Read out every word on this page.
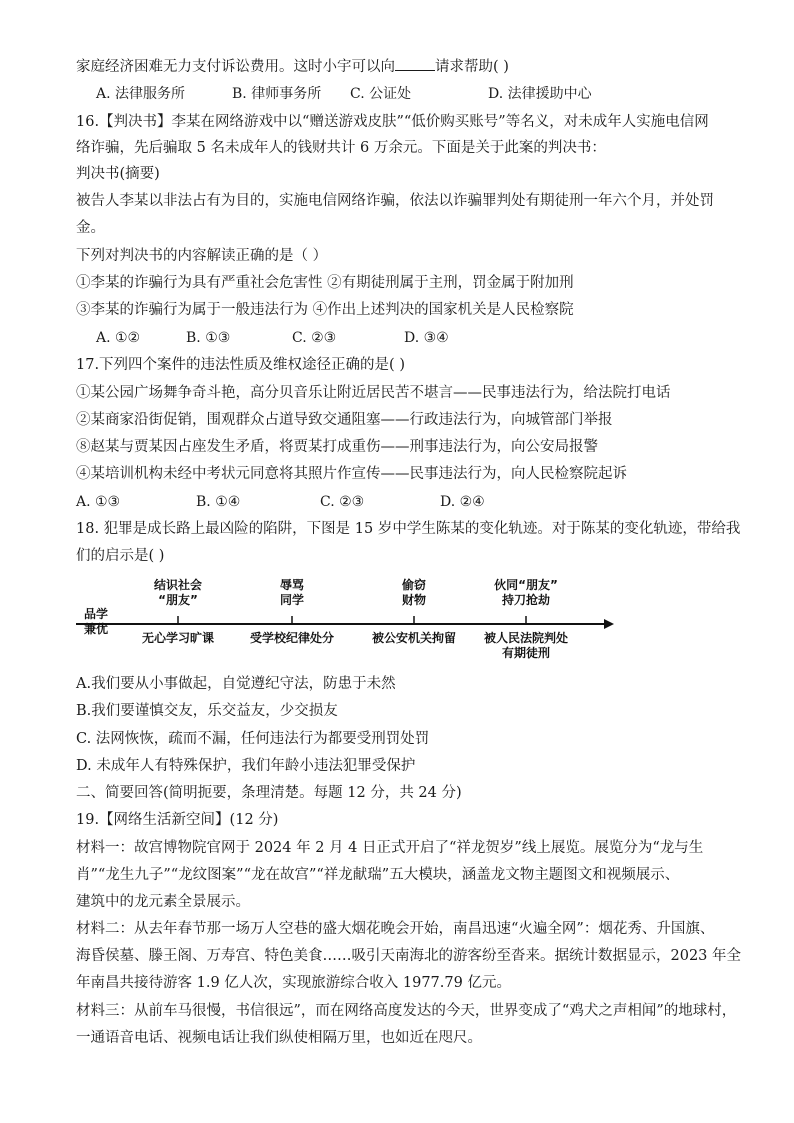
家庭经济困难无力支付诉讼费用。这时小宇可以向	请求帮助( )
A. 法律服务所	B. 律师事务所 C. 公证处	D. 法律援助中心
16.【判决书】李某在网络游戏中以“赠送游戏皮肤”“低价购买账号”等名义，对未成年人实施电信网
络诈骗，先后骗取 5 名未成年人的钱财共计 6 万余元。下面是关于此案的判决书：
判决书(摘要)
被告人李某以非法占有为目的，实施电信网络诈骗，依法以诈骗罪判处有期徒刑一年六个月，并处罚
金。
下列对判决书的内容解读正确的是（ ）
①李某的诈骗行为具有严重社会危害性 ②有期徒刑属于主刑，罚金属于附加刑
③李某的诈骗行为属于一般违法行为 ④作出上述判决的国家机关是人民检察院
A. ①②	B. ①③	C. ②③	D. ③④
17.下列四个案件的违法性质及维权途径正确的是( )
①某公园广场舞争奇斗艳，高分贝音乐让附近居民苦不堪言——民事违法行为，给法院打电话
②某商家沿街促销，围观群众占道导致交通阻塞——行政违法行为，向城管部门举报
⑧赵某与贾某因占座发生矛盾，将贾某打成重伤——刑事违法行为，向公安局报警
④某培训机构未经中考状元同意将其照片作宣传——民事违法行为，向人民检察院起诉
A. ①③	B. ①④	C. ②③	D. ②④
18. 犯罪是成长路上最凶险的陷阱，下图是 15 岁中学生陈某的变化轨迹。对于陈某的变化轨迹，带给我
们的启示是( )
品学
兼优
结识社会
“朋友”
辱骂
同学
偷窃
财物
伙同“朋友”
持刀抢劫
无心学习旷课	受学校纪律处分	被公安机关拘留	被人民法院判处
有期徒刑
A.我们要从小事做起，自觉遵纪守法，防患于未然
B.我们要谨慎交友，乐交益友，少交损友
C. 法网恢恢，疏而不漏，任何违法行为都要受刑罚处罚
D. 未成年人有特殊保护，我们年龄小违法犯罪受保护
二、简要回答(简明扼要，条理清楚。每题 12 分，共 24 分)
19.【网络生活新空间】(12 分)
材料一：故宫博物院官网于 2024 年 2 月 4 日正式开启了“祥龙贺岁”线上展览。展览分为“龙与生
肖”“龙生九子”“龙纹图案”“龙在故宫”“祥龙献瑞”五大模块，涵盖龙文物主题图文和视频展示、
建筑中的龙元素全景展示。
材料二：从去年春节那一场万人空巷的盛大烟花晚会开始，南昌迅速“火遍全网”：烟花秀、升国旗、
海昏侯墓、滕王阁、万寿宫、特色美食……吸引天南海北的游客纷至沓来。据统计数据显示，2023 年全
年南昌共接待游客 1.9 亿人次，实现旅游综合收入 1977.79 亿元。
材料三：从前车马很慢，书信很远”，而在网络高度发达的今天，世界变成了“鸡犬之声相闻”的地球村，
一通语音电话、视频电话让我们纵使相隔万里，也如近在咫尺。
